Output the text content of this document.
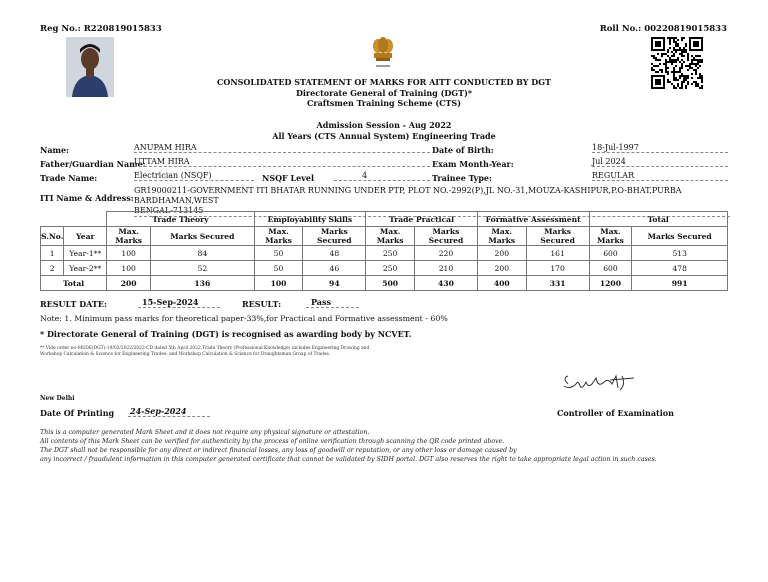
Reg No.: R220819015833	Roll No.: 00220819015833
CONSOLIDATED STATEMENT OF MARKS FOR AITT CONDUCTED BY DGT
Directorate General of Training (DGT)*
Craftsmen Training Scheme (CTS)
Admission Session - Aug 2022
All Years (CTS Annual System) Engineering Trade
Name:	ANUPAM HIRA	Date of Birth:	18-Jul-1997
Father/Guardian Name:
UTTAM HIRA	Exam Month-Year:	Jul 2024
Trade Name:	Electrician (NSQF)	NSQF Level	4	Trainee Type:	REGULAR
ITI Name & Address:
GR19000211-GOVERNMENT ITI BHATAR RUNNING UNDER PTP, PLOT NO.-2992(P),JL NO.-31,MOUZA-KASHIPUR,P.O-BHAT,PURBA BARDHAMAN,WEST
BENGAL-713145
		Trade Theory		Employability Skills		Trade Practical		Formative Assessment		Total	
S.No.	Year	Max. Marks	Marks Secured	Max. Marks	Marks Secured	Max. Marks	Marks Secured	Max. Marks	Marks Secured	Max. Marks	Marks Secured
1	Year-1**	100	84	50	48	250	220	200	161	600	513
2	Year-2**	100	52	50	46	250	210	200	170	600	478
Total		200	136	100	94	500	430	400	331	1200	991
RESULT DATE:	15-Sep-2024	RESULT:	Pass
Note: 1. Minimum pass marks for theoretical paper-33%,for Practical and Formative assessment - 60%
* Directorate General of Training (DGT) is recognised as awarding body by NCVET.
** Vide order no-MSDE(DGT)-19/03/2022/2022-CD dated 5th April 2022,Trade Theory (Professional Knowledge) includes Engineering Drawing and
Workshop Calculation & Science for Engineering Trades; and Workshop Calculation & Science for Draughtsman Group of Trades.
New Delhi
Date Of Printing 24-Sep-2024	Controller of Examination
This is a computer generated Mark Sheet and it does not require any physical signature or attestation.
All contents of this Mark Sheet can be verified for authenticity by the process of online verification through scanning the QR code printed above.
The DGT shall not be responsible for any direct or indirect financial losses, any loss of goodwill or reputation, or any other loss or damage caused by
any incorrect / fraudulent information in this computer generated certificate that cannot be validated by SIDH portal. DGT also reserves the right to take appropriate legal action in such cases.
